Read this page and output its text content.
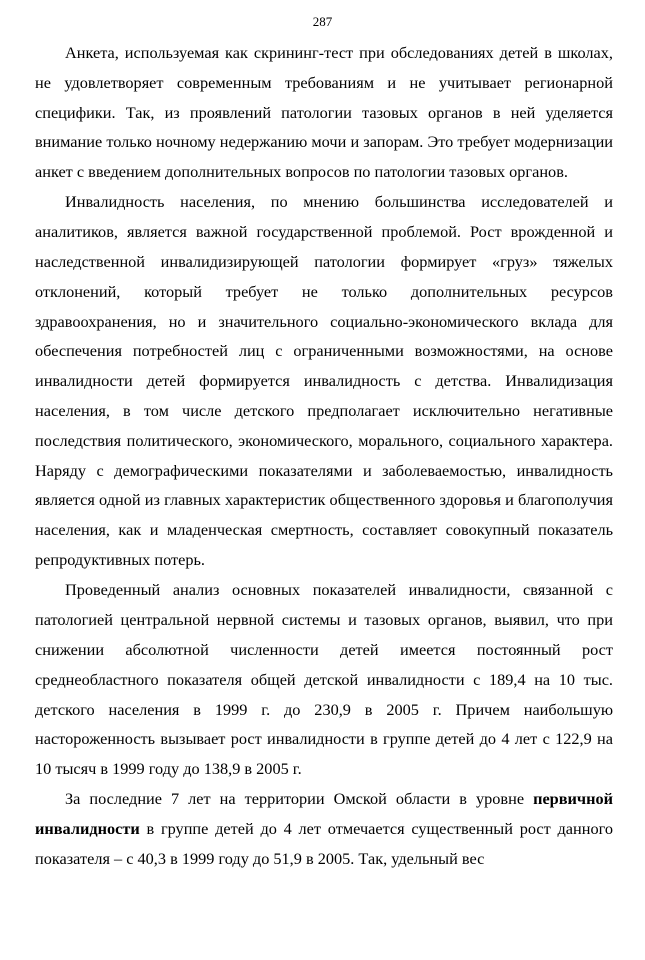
287

Анкета, используемая как скрининг-тест при обследованиях детей в школах, не удовлетворяет современным требованиям и не учитывает регионарной специфики. Так, из проявлений патологии тазовых органов в ней уделяется внимание только ночному недержанию мочи и запорам. Это требует модернизации анкет с введением дополнительных вопросов по патологии тазовых органов.

Инвалидность населения, по мнению большинства исследователей и аналитиков, является важной государственной проблемой. Рост врожденной и наследственной инвалидизирующей патологии формирует «груз» тяжелых отклонений, который требует не только дополнительных ресурсов здравоохранения, но и значительного социально-экономического вклада для обеспечения потребностей лиц с ограниченными возможностями, на основе инвалидности детей формируется инвалидность с детства. Инвалидизация населения, в том числе детского предполагает исключительно негативные последствия политического, экономического, морального, социального характера. Наряду с демографическими показателями и заболеваемостью, инвалидность является одной из главных характеристик общественного здоровья и благополучия населения, как и младенческая смертность, составляет совокупный показатель репродуктивных потерь.

Проведенный анализ основных показателей инвалидности, связанной с патологией центральной нервной системы и тазовых органов, выявил, что при снижении абсолютной численности детей имеется постоянный рост среднеобластного показателя общей детской инвалидности с 189,4 на 10 тыс. детского населения в 1999 г. до 230,9 в 2005 г. Причем наибольшую настороженность вызывает рост инвалидности в группе детей до 4 лет с 122,9 на 10 тысяч в 1999 году до 138,9 в 2005 г.

За последние 7 лет на территории Омской области в уровне первичной инвалидности в группе детей до 4 лет отмечается существенный рост данного показателя – с 40,3 в 1999 году до 51,9 в 2005. Так, удельный вес
